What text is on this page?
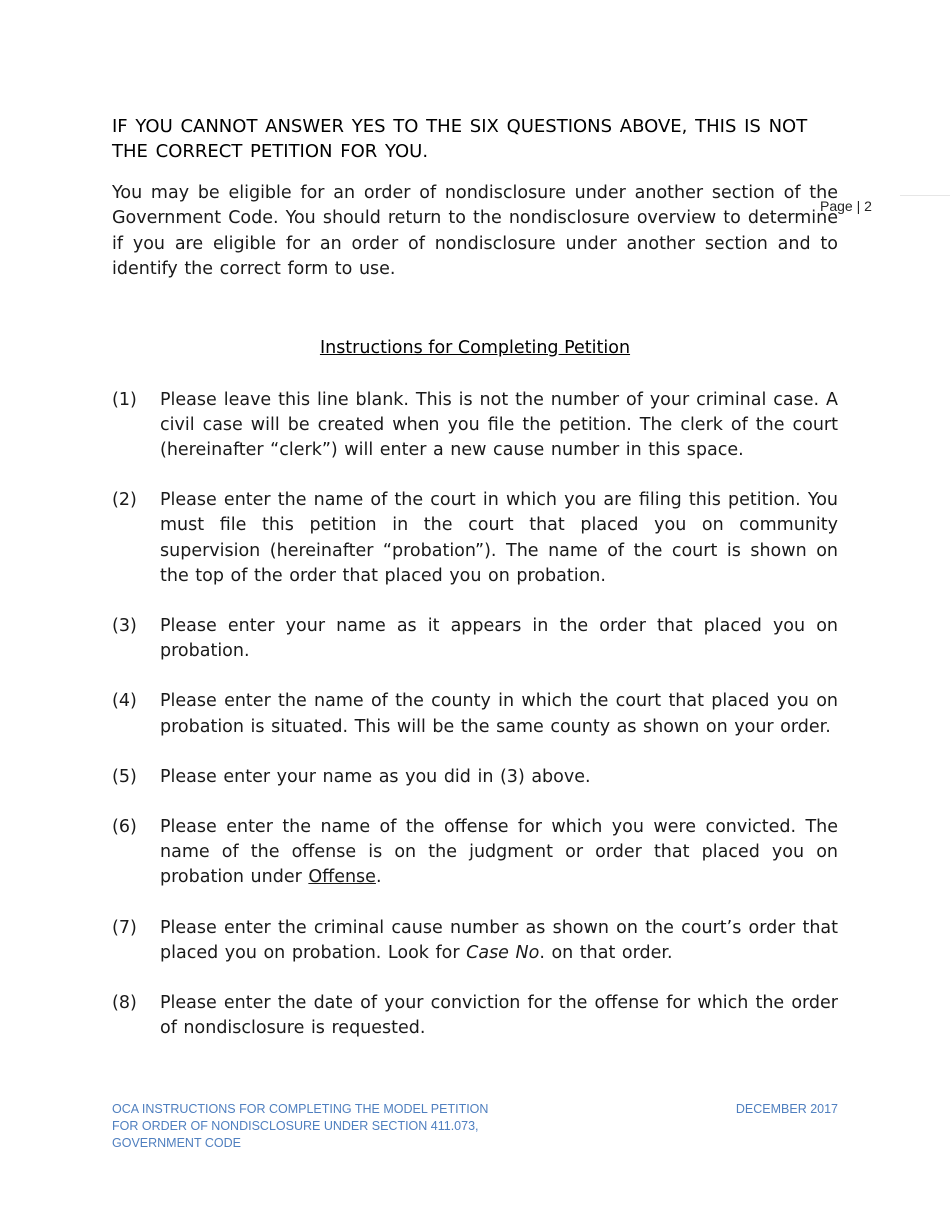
Page | 2
IF YOU CANNOT ANSWER YES TO THE SIX QUESTIONS ABOVE, THIS IS NOT THE CORRECT PETITION FOR YOU.

You may be eligible for an order of nondisclosure under another section of the Government Code. You should return to the nondisclosure overview to determine if you are eligible for an order of nondisclosure under another section and to identify the correct form to use.

Instructions for Completing Petition
(1)	Please leave this line blank. This is not the number of your criminal case. A civil case will be created when you file the petition. The clerk of the court (hereinafter “clerk”) will enter a new cause number in this space.
(2)	Please enter the name of the court in which you are filing this petition. You must file this petition in the court that placed you on community supervision (hereinafter “probation”). The name of the court is shown on the top of the order that placed you on probation.
(3)	Please enter your name as it appears in the order that placed you on probation.
(4)	Please enter the name of the county in which the court that placed you on probation is situated. This will be the same county as shown on your order.
(5)	Please enter your name as you did in (3) above.
(6)	Please enter the name of the offense for which you were convicted. The name of the offense is on the judgment or order that placed you on probation under Offense.
(7)	Please enter the criminal cause number as shown on the court’s order that placed you on probation. Look for Case No. on that order.
(8)	Please enter the date of your conviction for the offense for which the order of nondisclosure is requested.
OCA INSTRUCTIONS FOR COMPLETING THE MODEL PETITION
FOR ORDER OF NONDISCLOSURE UNDER SECTION 411.073,
GOVERNMENT CODE
DECEMBER 2017
